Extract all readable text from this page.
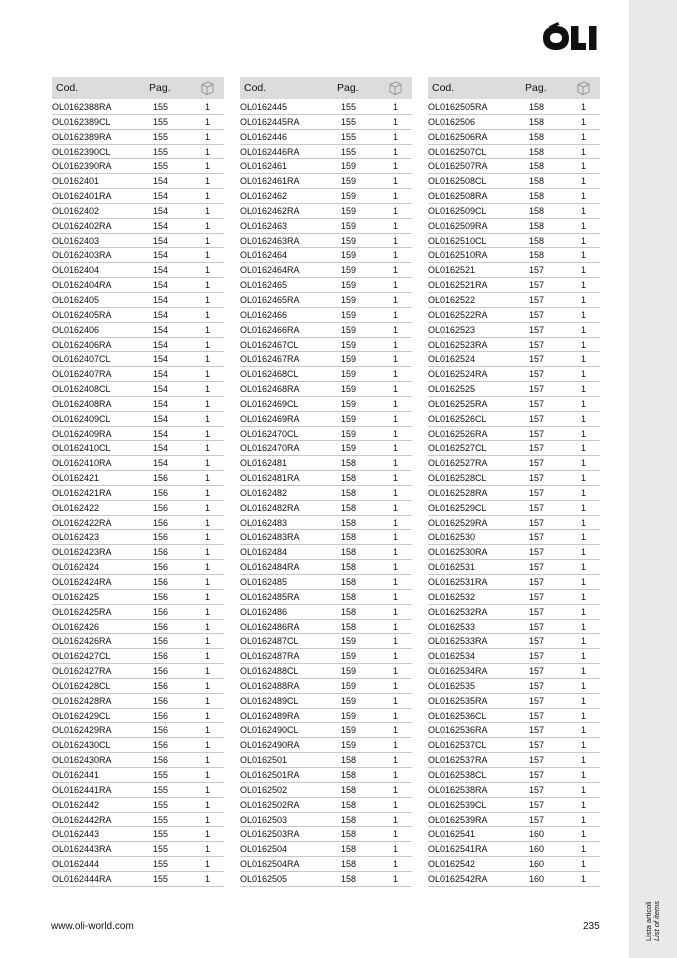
Lista articoli List of items
Cod.	Pag.
OL0162388RA	155	1
OL0162389CL	155	1
OL0162389RA	155	1
OL0162390CL	155	1
OL0162390RA	155	1
OL0162401	154	1
OL0162401RA	154	1
OL0162402	154	1
OL0162402RA	154	1
OL0162403	154	1
OL0162403RA	154	1
OL0162404	154	1
OL0162404RA	154	1
OL0162405	154	1
OL0162405RA	154	1
OL0162406	154	1
OL0162406RA	154	1
OL0162407CL	154	1
OL0162407RA	154	1
OL0162408CL	154	1
OL0162408RA	154	1
OL0162409CL	154	1
OL0162409RA	154	1
OL0162410CL	154	1
OL0162410RA	154	1
OL0162421	156	1
OL0162421RA	156	1
OL0162422	156	1
OL0162422RA	156	1
OL0162423	156	1
OL0162423RA	156	1
OL0162424	156	1
OL0162424RA	156	1
OL0162425	156	1
OL0162425RA	156	1
OL0162426	156	1
OL0162426RA	156	1
OL0162427CL	156	1
OL0162427RA	156	1
OL0162428CL	156	1
OL0162428RA	156	1
OL0162429CL	156	1
OL0162429RA	156	1
OL0162430CL	156	1
OL0162430RA	156	1
OL0162441	155	1
OL0162441RA	155	1
OL0162442	155	1
OL0162442RA	155	1
OL0162443	155	1
OL0162443RA	155	1
OL0162444	155	1
OL0162444RA	155	1
Cod.	Pag.
OL0162445	155	1
OL0162445RA	155	1
OL0162446	155	1
OL0162446RA	155	1
OL0162461	159	1
OL0162461RA	159	1
OL0162462	159	1
OL0162462RA	159	1
OL0162463	159	1
OL0162463RA	159	1
OL0162464	159	1
OL0162464RA	159	1
OL0162465	159	1
OL0162465RA	159	1
OL0162466	159	1
OL0162466RA	159	1
OL0162467CL	159	1
OL0162467RA	159	1
OL0162468CL	159	1
OL0162468RA	159	1
OL0162469CL	159	1
OL0162469RA	159	1
OL0162470CL	159	1
OL0162470RA	159	1
OL0162481	158	1
OL0162481RA	158	1
OL0162482	158	1
OL0162482RA	158	1
OL0162483	158	1
OL0162483RA	158	1
OL0162484	158	1
OL0162484RA	158	1
OL0162485	158	1
OL0162485RA	158	1
OL0162486	158	1
OL0162486RA	158	1
OL0162487CL	159	1
OL0162487RA	159	1
OL0162488CL	159	1
OL0162488RA	159	1
OL0162489CL	159	1
OL0162489RA	159	1
OL0162490CL	159	1
OL0162490RA	159	1
OL0162501	158	1
OL0162501RA	158	1
OL0162502	158	1
OL0162502RA	158	1
OL0162503	158	1
OL0162503RA	158	1
OL0162504	158	1
OL0162504RA	158	1
OL0162505	158	1
Cod.	Pag.
OL0162505RA	158	1
OL0162506	158	1
OL0162506RA	158	1
OL0162507CL	158	1
OL0162507RA	158	1
OL0162508CL	158	1
OL0162508RA	158	1
OL0162509CL	158	1
OL0162509RA	158	1
OL0162510CL	158	1
OL0162510RA	158	1
OL0162521	157	1
OL0162521RA	157	1
OL0162522	157	1
OL0162522RA	157	1
OL0162523	157	1
OL0162523RA	157	1
OL0162524	157	1
OL0162524RA	157	1
OL0162525	157	1
OL0162525RA	157	1
OL0162526CL	157	1
OL0162526RA	157	1
OL0162527CL	157	1
OL0162527RA	157	1
OL0162528CL	157	1
OL0162528RA	157	1
OL0162529CL	157	1
OL0162529RA	157	1
OL0162530	157	1
OL0162530RA	157	1
OL0162531	157	1
OL0162531RA	157	1
OL0162532	157	1
OL0162532RA	157	1
OL0162533	157	1
OL0162533RA	157	1
OL0162534	157	1
OL0162534RA	157	1
OL0162535	157	1
OL0162535RA	157	1
OL0162536CL	157	1
OL0162536RA	157	1
OL0162537CL	157	1
OL0162537RA	157	1
OL0162538CL	157	1
OL0162538RA	157	1
OL0162539CL	157	1
OL0162539RA	157	1
OL0162541	160	1
OL0162541RA	160	1
OL0162542	160	1
OL0162542RA	160	1
www.oli-world.com	235
